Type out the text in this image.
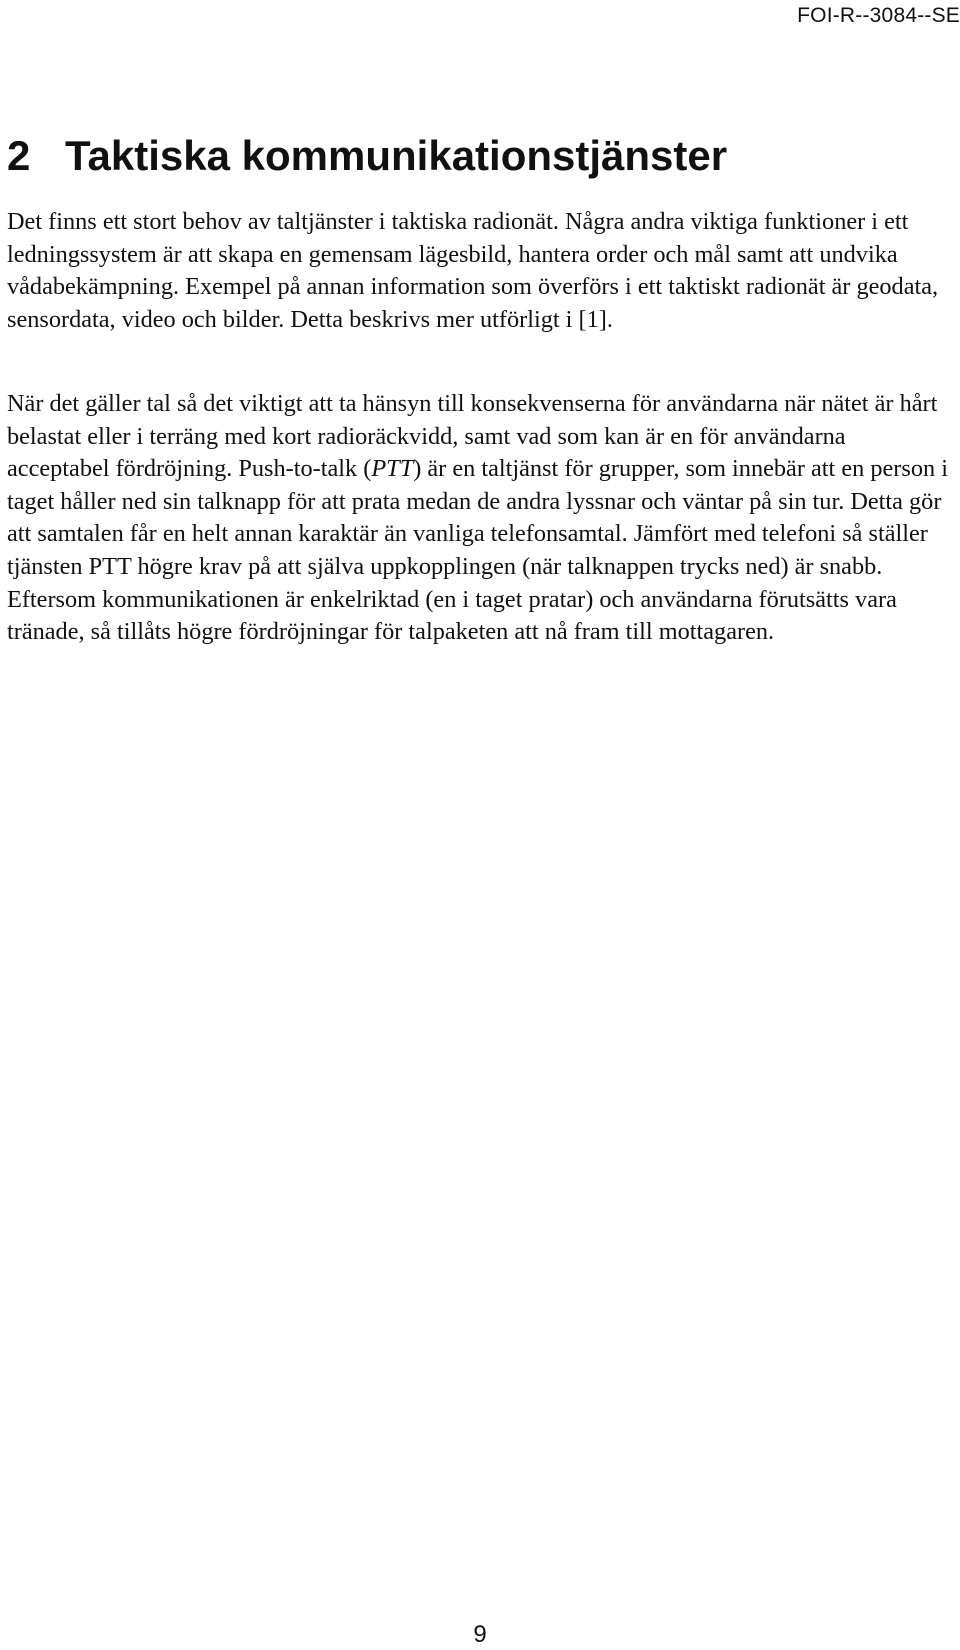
FOI-R--3084--SE
2 Taktiska kommunikationstjänster

Det finns ett stort behov av taltjänster i taktiska radionät. Några andra viktiga funktioner i ett ledningssystem är att skapa en gemensam lägesbild, hantera order och mål samt att undvika vådabekämpning. Exempel på annan information som överförs i ett taktiskt radionät är geodata, sensordata, video och bilder. Detta beskrivs mer utförligt i [1].

När det gäller tal så det viktigt att ta hänsyn till konsekvenserna för användarna när nätet är hårt belastat eller i terräng med kort radioräckvidd, samt vad som kan är en för användarna acceptabel fördröjning. Push-to-talk (PTT) är en taltjänst för grupper, som innebär att en person i taget håller ned sin talknapp för att prata medan de andra lyssnar och väntar på sin tur. Detta gör att samtalen får en helt annan karaktär än vanliga telefonsamtal. Jämfört med telefoni så ställer tjänsten PTT högre krav på att själva uppkopplingen (när talknappen trycks ned) är snabb. Eftersom kommunikationen är enkelriktad (en i taget pratar) och användarna förutsätts vara tränade, så tillåts högre fördröjningar för talpaketen att nå fram till mottagaren.

9
